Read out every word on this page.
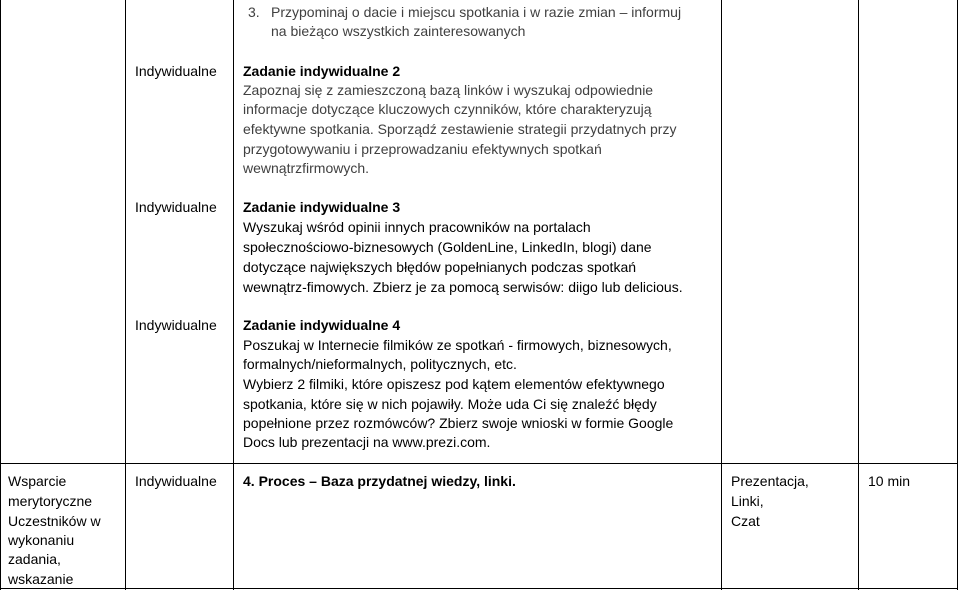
3. Przypominaj o dacie i miejscu spotkania i w razie zmian – informuj
na bieżąco wszystkich zainteresowanych
Indywidualne Zadanie indywidualne 2
Zapoznaj się z zamieszczoną bazą linków i wyszukaj odpowiednie
informacje dotyczące kluczowych czynników, które charakteryzują
efektywne spotkania. Sporządź zestawienie strategii przydatnych przy
przygotowywaniu i przeprowadzaniu efektywnych spotkań
wewnątrzfirmowych.
Indywidualne Zadanie indywidualne 3
Wyszukaj wśród opinii innych pracowników na portalach
społecznościowo-biznesowych (GoldenLine, LinkedIn, blogi) dane
dotyczące największych błędów popełnianych podczas spotkań
wewnątrz-fimowych. Zbierz je za pomocą serwisów: diigo lub delicious.
Indywidualne Zadanie indywidualne 4
Poszukaj w Internecie filmików ze spotkań - firmowych, biznesowych,
formalnych/nieformalnych, politycznych, etc.
Wybierz 2 filmiki, które opiszesz pod kątem elementów efektywnego
spotkania, które się w nich pojawiły. Może uda Ci się znaleźć błędy
popełnione przez rozmówców? Zbierz swoje wnioski w formie Google
Docs lub prezentacji na www.prezi.com.
Wsparcie
merytoryczne
Uczestników w
wykonaniu
zadania,
wskazanie
Indywidualne 4. Proces – Baza przydatnej wiedzy, linki.	Prezentacja,
Linki,
Czat
10 min
